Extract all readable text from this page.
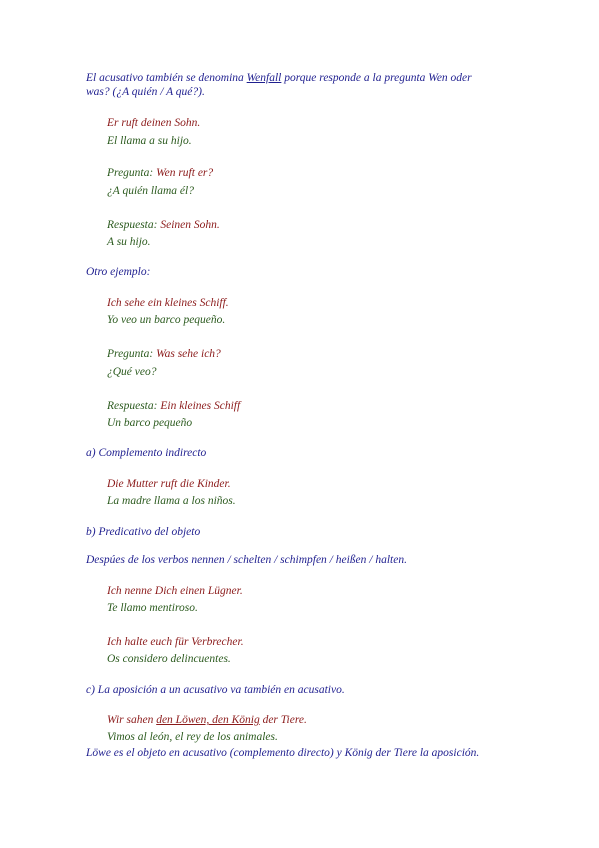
El acusativo también se denomina Wenfall porque responde a la pregunta Wen oder
was? (¿A quién / A qué?).
Er ruft deinen Sohn.
El llama a su hijo.
Pregunta: Wen ruft er?
¿A quién llama él?
Respuesta: Seinen Sohn.
A su hijo.
Otro ejemplo:
Ich sehe ein kleines Schiff.
Yo veo un barco pequeño.
Pregunta: Was sehe ich?
¿Qué veo?
Respuesta: Ein kleines Schiff
Un barco pequeño
a) Complemento indirecto
Die Mutter ruft die Kinder.
La madre llama a los niños.
b) Predicativo del objeto
Despúes de los verbos nennen / schelten / schimpfen / heißen / halten.
Ich nenne Dich einen Lügner.
Te llamo mentiroso.
Ich halte euch für Verbrecher.
Os considero delincuentes.
c) La aposición a un acusativo va también en acusativo.
Wir sahen den Löwen, den König der Tiere.
Vimos al león, el rey de los animales.
Löwe es el objeto en acusativo (complemento directo) y König der Tiere la aposición.
